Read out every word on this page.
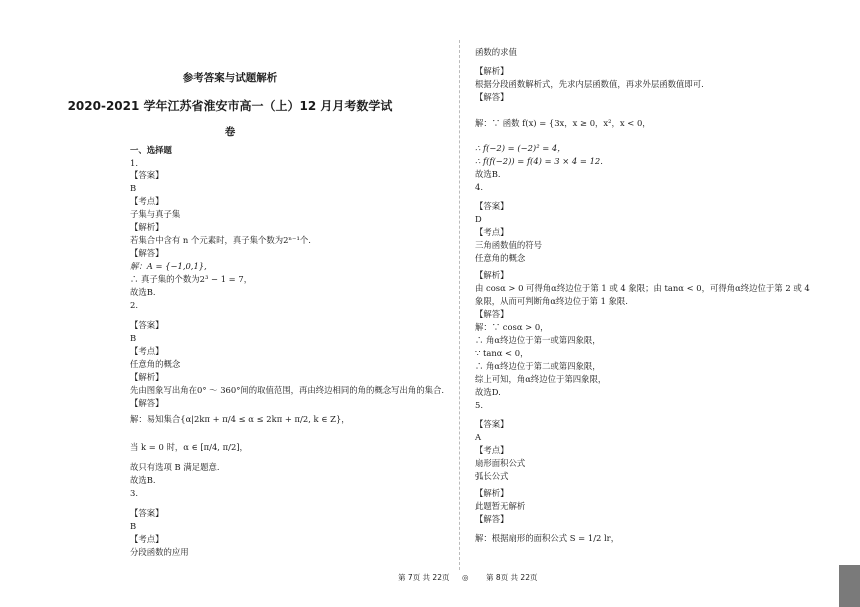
参考答案与试题解析
2020-2021 学年江苏省淮安市高一（上）12 月月考数学试
卷
一、选择题
1.
【答案】
B
【考点】
子集与真子集
【解析】
若集合中含有 n 个元素时，真子集个数为2ⁿ⁻¹个.
【解答】
解：A = {−1,0,1},
∴ 真子集的个数为2³ − 1 = 7，
故选B.
2.
【答案】
B
【考点】
任意角的概念
【解析】
先由图象写出角在0° ～ 360°间的取值范围，再由终边相同的角的概念写出角的集合.
【解答】
解：易知集合{α|2kπ + π/4 ≤ α ≤ 2kπ + π/2, k ∈ Z}，
当 k = 0 时，α ∈ [π/4, π/2]，
故只有选项 B 满足题意.
故选B.
3.
【答案】
B
【考点】
分段函数的应用
函数的求值
【解析】
根据分段函数解析式，先求内层函数值，再求外层函数值即可.
【解答】
解：∵ 函数 f(x) = {3x，x ≥ 0，x²，x < 0，
∴ f(−2) = (−2)² = 4，
∴ f(f(−2)) = f(4) = 3 × 4 = 12.
故选B.
4.
【答案】
D
【考点】
三角函数值的符号
任意角的概念
【解析】
由 cosα > 0 可得角α终边位于第 1 或 4 象限；由 tanα < 0，可得角α终边位于第 2 或 4
象限，从而可判断角α终边位于第 1 象限.
【解答】
解：∵ cosα > 0，
∴ 角α终边位于第一或第四象限，
∵ tanα < 0，
∴ 角α终边位于第二或第四象限，
综上可知，角α终边位于第四象限，
故选D.
5.
【答案】
A
【考点】
扇形面积公式
弧长公式
【解析】
此题暂无解析
【解答】
解：根据扇形的面积公式 S = 1/2 lr，
第 7页 共 22页 ◎ 第 8页 共 22页
